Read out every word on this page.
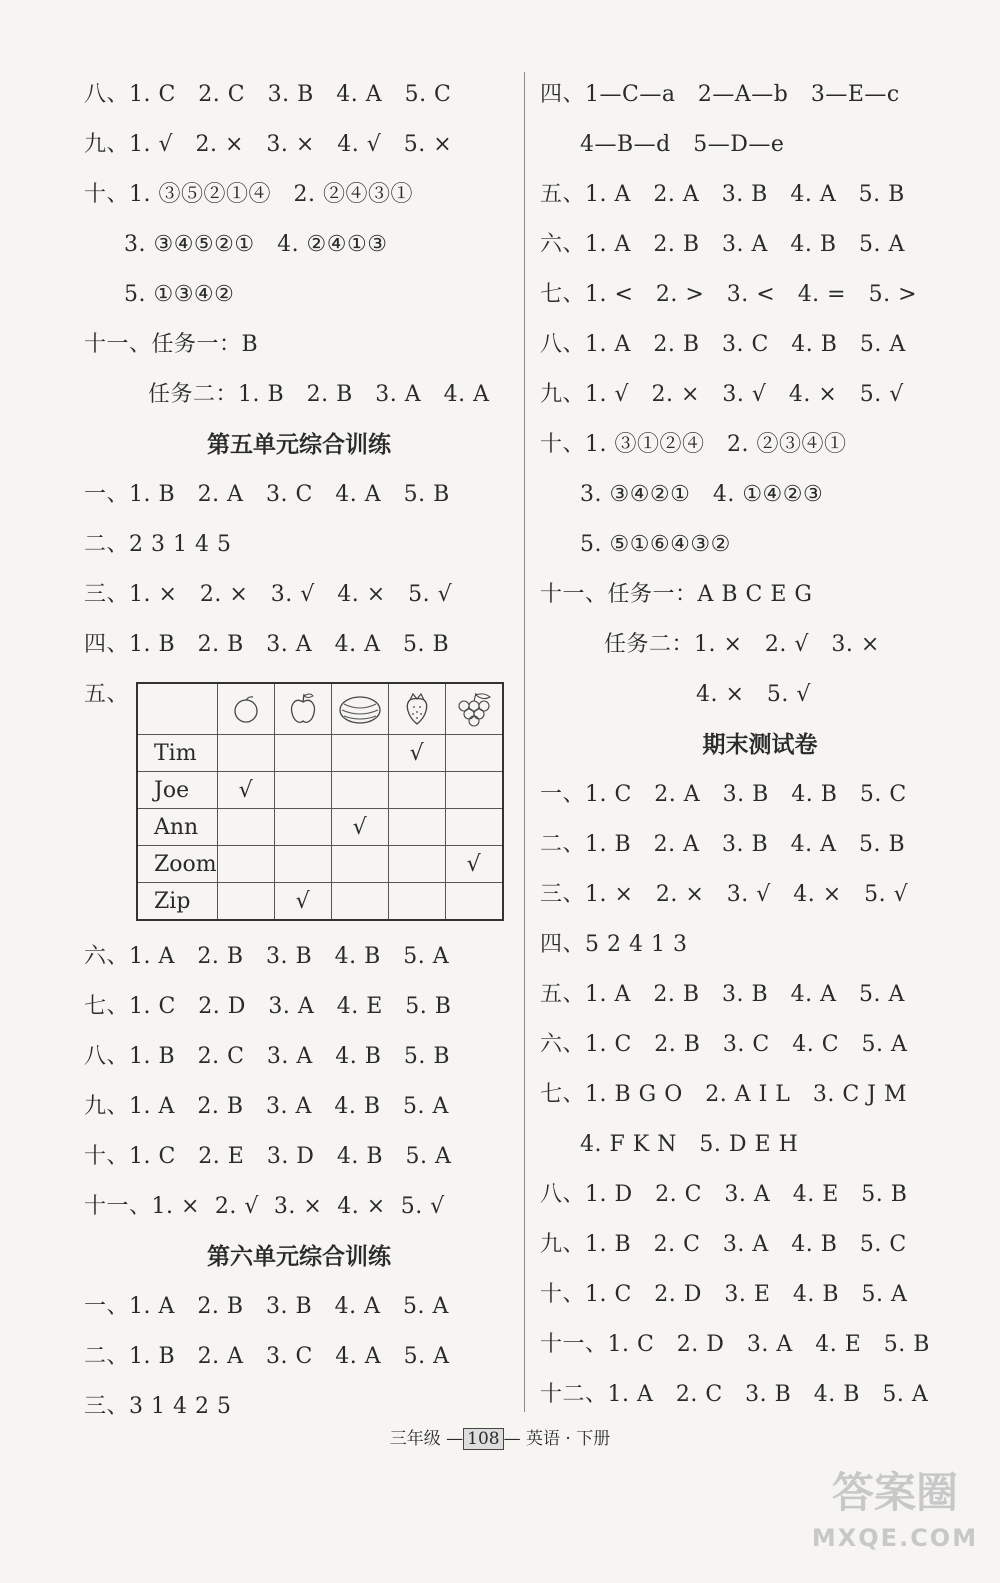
八、1. C   2. C   3. B   4. A   5. C
九、1. √   2. ×   3. ×   4. √   5. ×
十、1. ③⑤②①④   2. ②④③①
3. ③④⑤②①   4. ②④①③
5. ①③④②
十一、任务一：B
任务二：1. B   2. B   3. A   4. A
第五单元综合训练
一、1. B   2. A   3. C   4. A   5. B
二、2 3 1 4 5
三、1. ×   2. ×   3. √   4. ×   5. √
四、1. B   2. B   3. A   4. A   5. B
五、

Tim				√	
Joe	√				
Ann			√		
Zoom					√
Zip		√			
六、1. A   2. B   3. B   4. B   5. A
七、1. C   2. D   3. A   4. E   5. B
八、1. B   2. C   3. A   4. B   5. B
九、1. A   2. B   3. A   4. B   5. A
十、1. C   2. E   3. D   4. B   5. A
十一、1. ×  2. √  3. ×  4. ×  5. √
第六单元综合训练
一、1. A   2. B   3. B   4. A   5. A
二、1. B   2. A   3. C   4. A   5. A
三、3 1 4 2 5
四、1—C—a   2—A—b   3—E—c
4—B—d   5—D—e
五、1. A   2. A   3. B   4. A   5. B
六、1. A   2. B   3. A   4. B   5. A
七、1. <   2. >   3. <   4. =   5. >
八、1. A   2. B   3. C   4. B   5. A
九、1. √   2. ×   3. √   4. ×   5. √
十、1. ③①②④   2. ②③④①
3. ③④②①   4. ①④②③
5. ⑤①⑥④③②
十一、任务一：A B C E G
任务二：1. ×   2. √   3. ×
4. ×   5. √
期末测试卷
一、1. C   2. A   3. B   4. B   5. C
二、1. B   2. A   3. B   4. A   5. B
三、1. ×   2. ×   3. √   4. ×   5. √
四、5 2 4 1 3
五、1. A   2. B   3. B   4. A   5. A
六、1. C   2. B   3. C   4. C   5. A
七、1. B G O   2. A I L   3. C J M
4. F K N   5. D E H
八、1. D   2. C   3. A   4. E   5. B
九、1. B   2. C   3. A   4. B   5. C
十、1. C   2. D   3. E   4. B   5. A
十一、1. C   2. D   3. A   4. E   5. B
十二、1. A   2. C   3. B   4. B   5. A
三年级 — 108 — 英语 · 下册
答案圈
MXQE.COM
